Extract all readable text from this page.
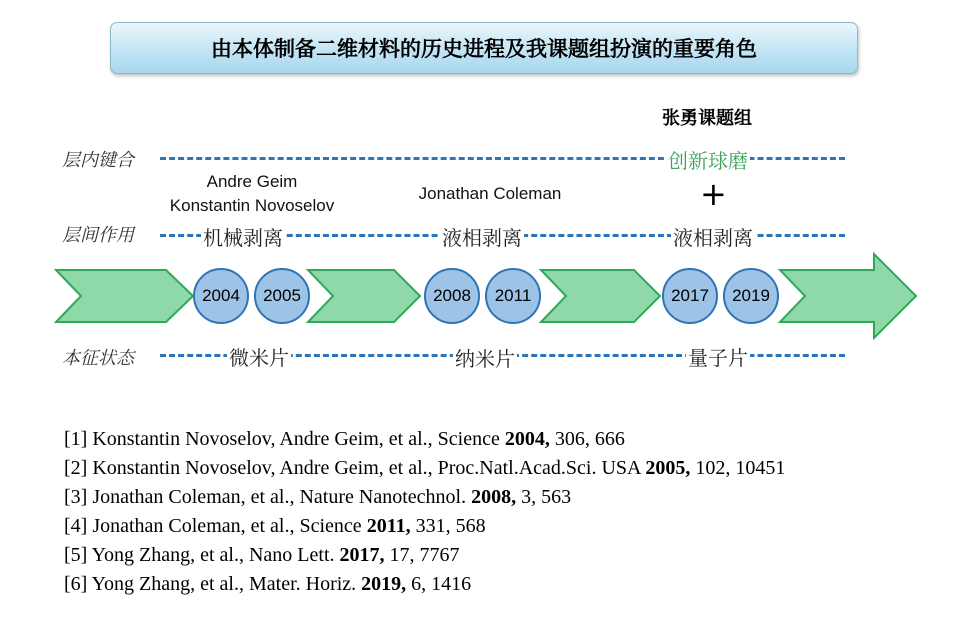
由本体制备二维材料的历史进程及我课题组扮演的重要角色
张勇课题组
层内键合
层间作用
本征状态
创新球磨
+
Andre Geim
Konstantin Novoselov
Jonathan Coleman
机械剥离	液相剥离	液相剥离
2004	2005	2008	2011	2017	2019
微米片	纳米片	量子片
[1] Konstantin Novoselov, Andre Geim, et al., Science 2004, 306, 666
[2] Konstantin Novoselov, Andre Geim, et al., Proc.Natl.Acad.Sci. USA 2005, 102, 10451
[3] Jonathan Coleman, et al., Nature Nanotechnol. 2008, 3, 563
[4] Jonathan Coleman, et al., Science 2011, 331, 568
[5] Yong Zhang, et al., Nano Lett. 2017, 17, 7767
[6] Yong Zhang, et al., Mater. Horiz. 2019, 6, 1416
